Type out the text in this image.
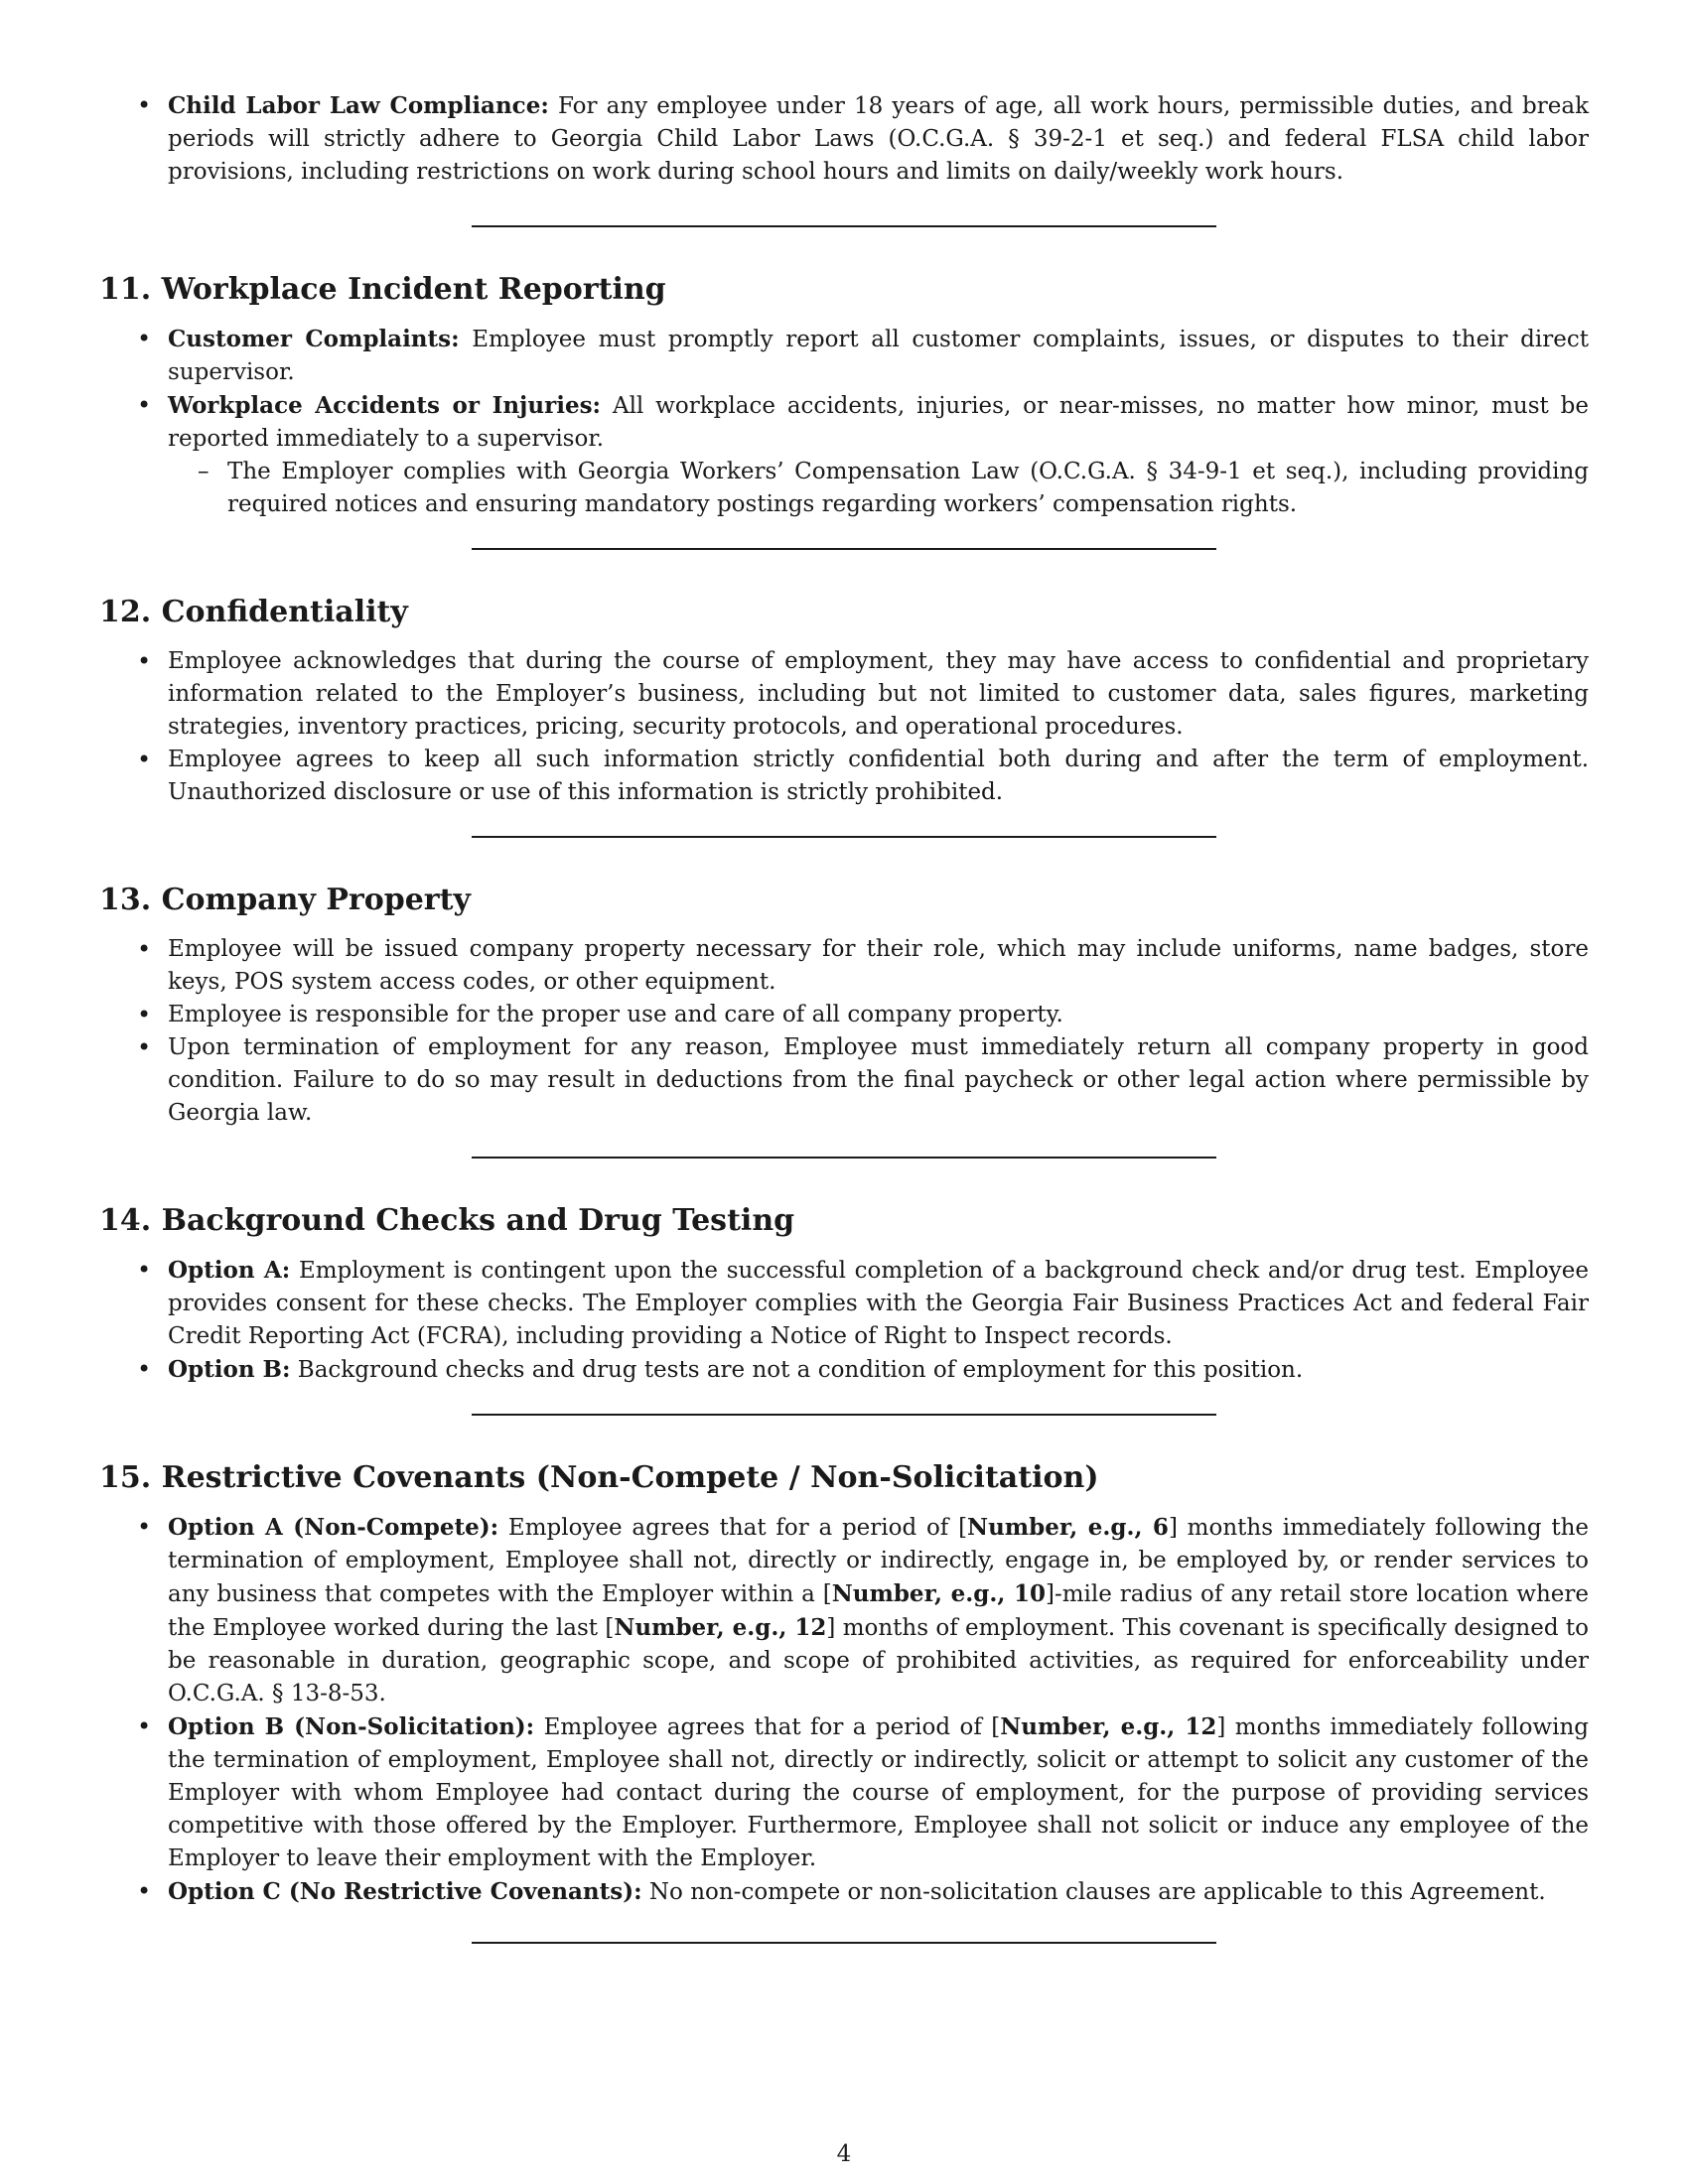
• Child Labor Law Compliance: For any employee under 18 years of age, all work hours, permissible duties, and break periods will strictly adhere to Georgia Child Labor Laws (O.C.G.A. § 39-2-1 et seq.) and federal FLSA child labor provisions, including restrictions on work during school hours and limits on daily/weekly work hours.
11. Workplace Incident Reporting
• Customer Complaints: Employee must promptly report all customer complaints, issues, or disputes to their direct supervisor.
• Workplace Accidents or Injuries: All workplace accidents, injuries, or near-misses, no matter how minor, must be reported immediately to a supervisor.
– The Employer complies with Georgia Workers’ Compensation Law (O.C.G.A. § 34-9-1 et seq.), including providing required notices and ensuring mandatory postings regarding workers’ compensation rights.
12. Confidentiality
• Employee acknowledges that during the course of employment, they may have access to confidential and proprietary information related to the Employer’s business, including but not limited to customer data, sales figures, marketing strategies, inventory practices, pricing, security protocols, and operational procedures.
• Employee agrees to keep all such information strictly confidential both during and after the term of employment. Unauthorized disclosure or use of this information is strictly prohibited.
13. Company Property
• Employee will be issued company property necessary for their role, which may include uniforms, name badges, store keys, POS system access codes, or other equipment.
• Employee is responsible for the proper use and care of all company property.
• Upon termination of employment for any reason, Employee must immediately return all company property in good condition. Failure to do so may result in deductions from the final paycheck or other legal action where permissible by Georgia law.
14. Background Checks and Drug Testing
• Option A: Employment is contingent upon the successful completion of a background check and/or drug test. Employee provides consent for these checks. The Employer complies with the Georgia Fair Business Practices Act and federal Fair Credit Reporting Act (FCRA), including providing a Notice of Right to Inspect records.
• Option B: Background checks and drug tests are not a condition of employment for this position.
15. Restrictive Covenants (Non-Compete / Non-Solicitation)
• Option A (Non-Compete): Employee agrees that for a period of [Number, e.g., 6] months immediately following the termination of employment, Employee shall not, directly or indirectly, engage in, be employed by, or render services to any business that competes with the Employer within a [Number, e.g., 10]-mile radius of any retail store location where the Employee worked during the last [Number, e.g., 12] months of employment. This covenant is specifically designed to be reasonable in duration, geographic scope, and scope of prohibited activities, as required for enforceability under O.C.G.A. § 13-8-53.
• Option B (Non-Solicitation): Employee agrees that for a period of [Number, e.g., 12] months immediately following the termination of employment, Employee shall not, directly or indirectly, solicit or attempt to solicit any customer of the Employer with whom Employee had contact during the course of employment, for the purpose of providing services competitive with those offered by the Employer. Furthermore, Employee shall not solicit or induce any employee of the Employer to leave their employment with the Employer.
• Option C (No Restrictive Covenants): No non-compete or non-solicitation clauses are applicable to this Agreement.
4
